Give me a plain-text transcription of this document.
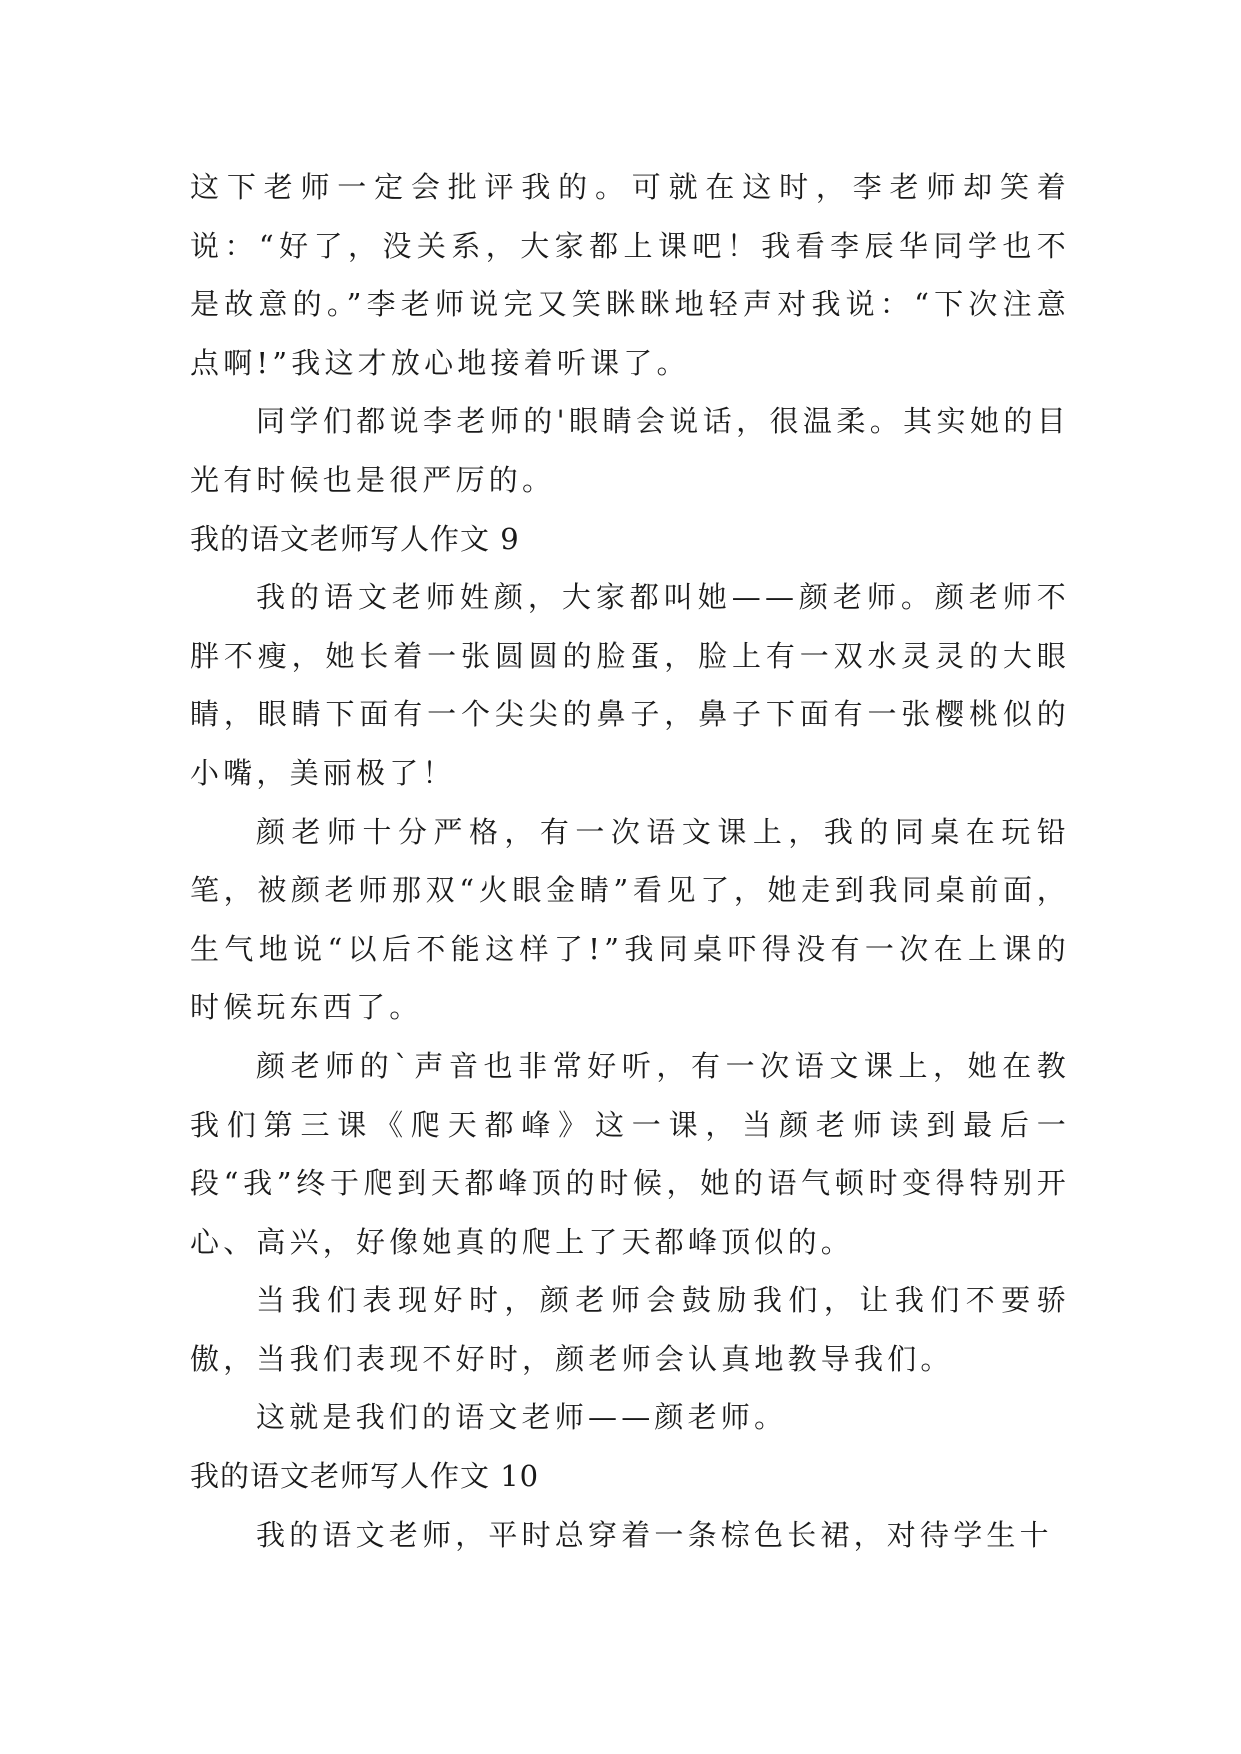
这下老师一定会批评我的。可就在这时，李老师却笑着说：“好了，没关系，大家都上课吧！我看李辰华同学也不是故意的。”李老师说完又笑眯眯地轻声对我说：“下次注意点啊!”我这才放心地接着听课了。

同学们都说李老师的'眼睛会说话，很温柔。其实她的目光有时候也是很严厉的。

我的语文老师写人作文 9

我的语文老师姓颜，大家都叫她——颜老师。颜老师不胖不瘦，她长着一张圆圆的脸蛋，脸上有一双水灵灵的大眼睛，眼睛下面有一个尖尖的鼻子，鼻子下面有一张樱桃似的小嘴，美丽极了！

颜老师十分严格，有一次语文课上，我的同桌在玩铅笔，被颜老师那双“火眼金睛”看见了，她走到我同桌前面，生气地说“以后不能这样了!”我同桌吓得没有一次在上课的时候玩东西了。

颜老师的`声音也非常好听，有一次语文课上，她在教我们第三课《爬天都峰》这一课，当颜老师读到最后一段“我”终于爬到天都峰顶的时候，她的语气顿时变得特别开心、高兴，好像她真的爬上了天都峰顶似的。

当我们表现好时，颜老师会鼓励我们，让我们不要骄傲，当我们表现不好时，颜老师会认真地教导我们。

这就是我们的语文老师——颜老师。

我的语文老师写人作文 10

我的语文老师，平时总穿着一条棕色长裙，对待学生十
